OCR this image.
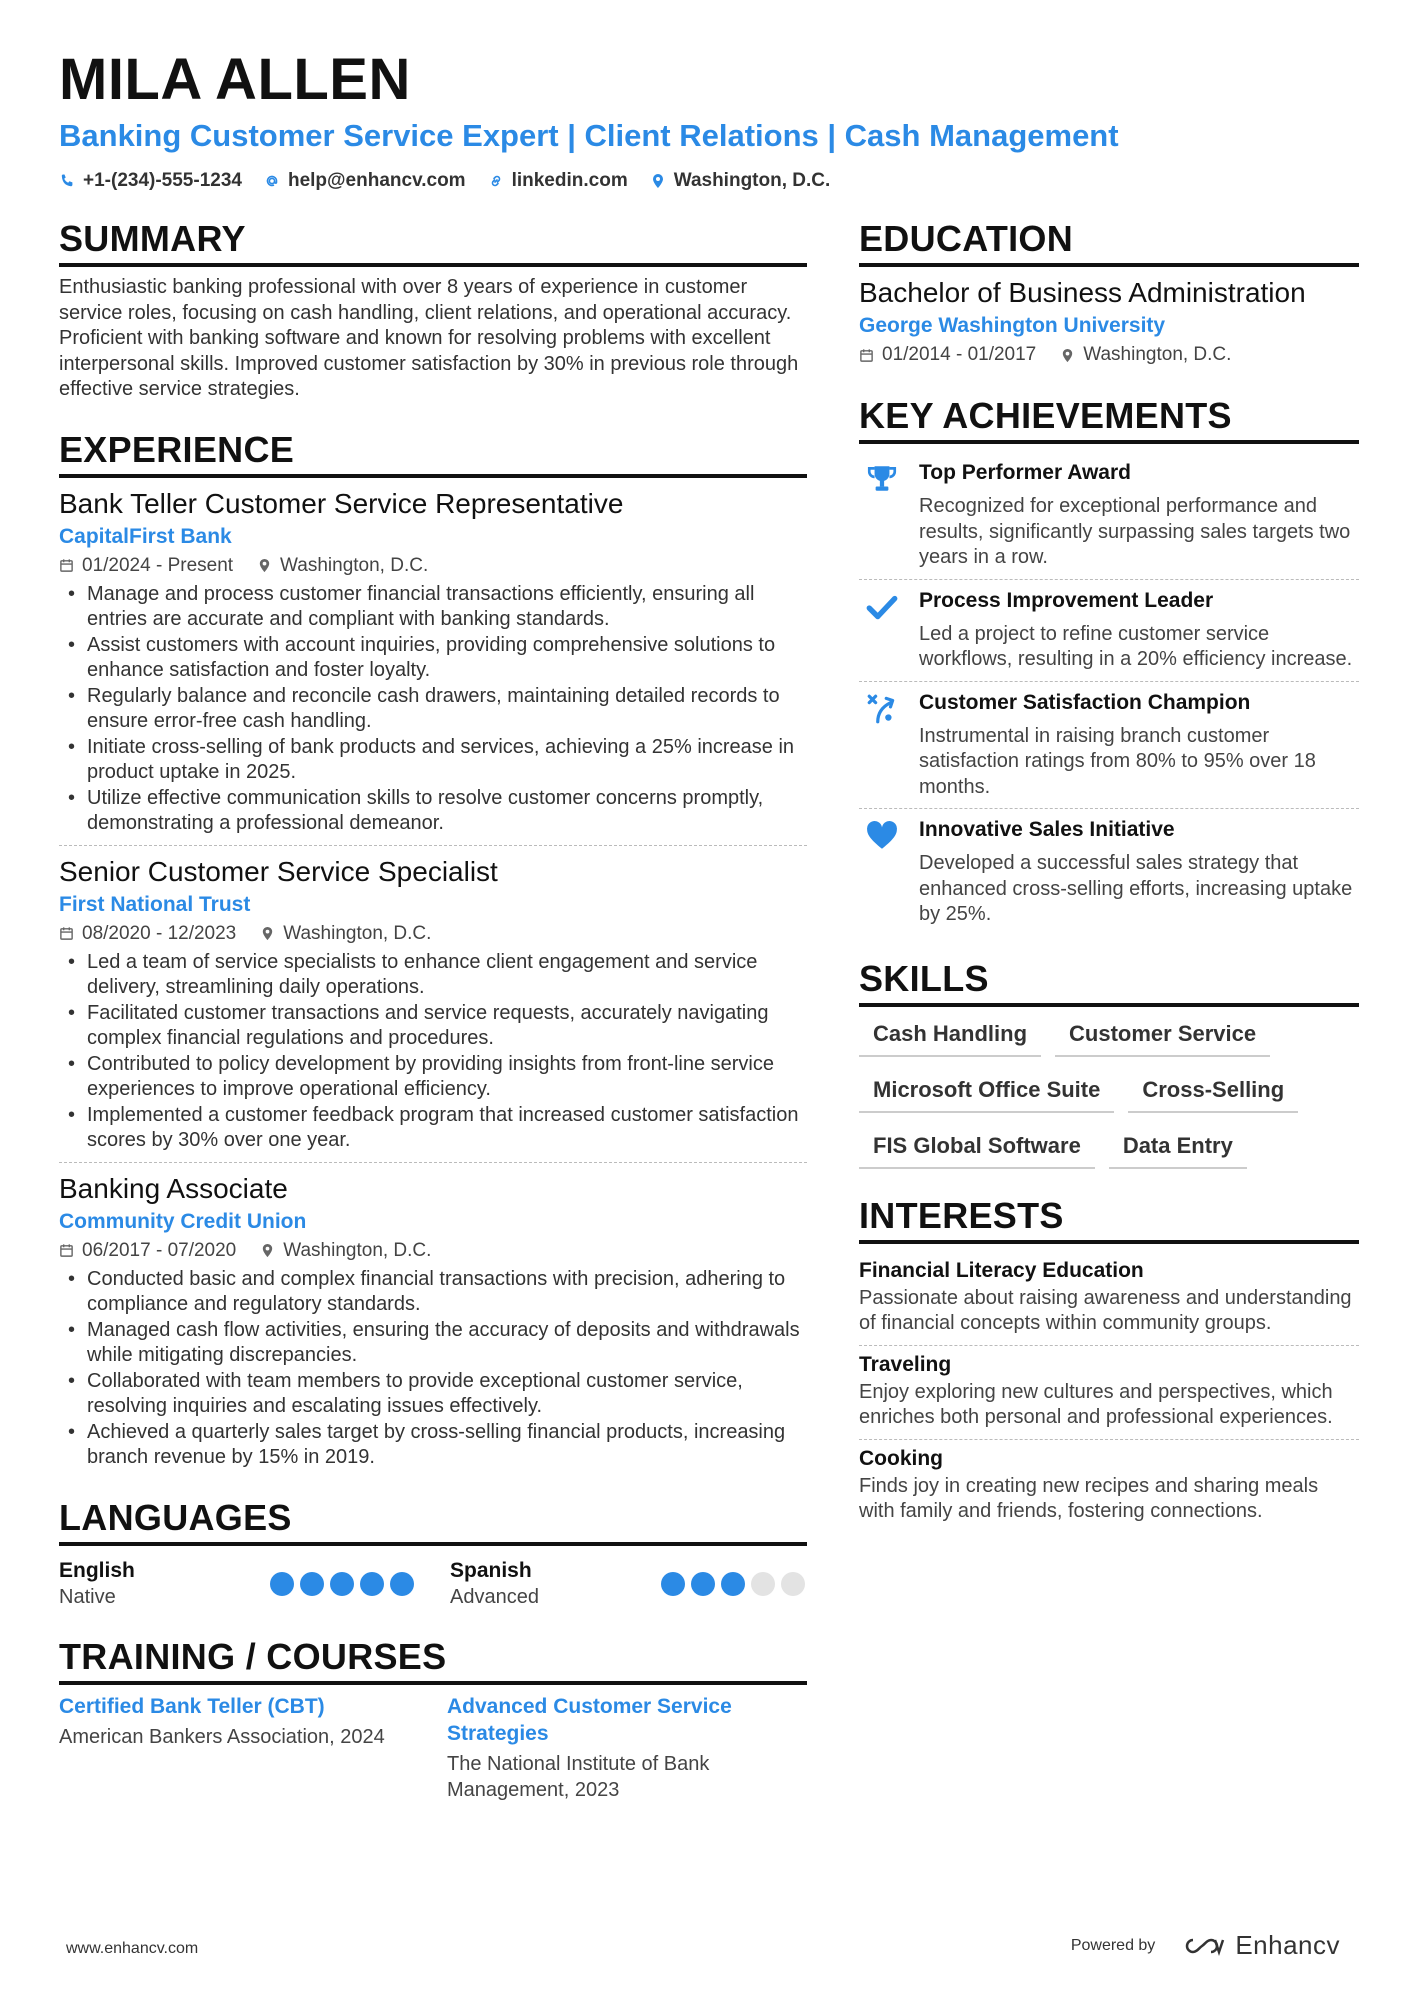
MILA ALLEN
Banking Customer Service Expert | Client Relations | Cash Management
+1-(234)-555-1234 help@enhancv.com linkedin.com Washington, D.C.
SUMMARY
Enthusiastic banking professional with over 8 years of experience in customer service roles, focusing on cash handling, client relations, and operational accuracy. Proficient with banking software and known for resolving problems with excellent interpersonal skills. Improved customer satisfaction by 30% in previous role through effective service strategies.
EXPERIENCE
Bank Teller Customer Service Representative
CapitalFirst Bank
01/2024 - Present Washington, D.C.
• Manage and process customer financial transactions efficiently, ensuring all entries are accurate and compliant with banking standards.
• Assist customers with account inquiries, providing comprehensive solutions to enhance satisfaction and foster loyalty.
• Regularly balance and reconcile cash drawers, maintaining detailed records to ensure error-free cash handling.
• Initiate cross-selling of bank products and services, achieving a 25% increase in product uptake in 2025.
• Utilize effective communication skills to resolve customer concerns promptly, demonstrating a professional demeanor.
Senior Customer Service Specialist
First National Trust
08/2020 - 12/2023 Washington, D.C.
• Led a team of service specialists to enhance client engagement and service delivery, streamlining daily operations.
• Facilitated customer transactions and service requests, accurately navigating complex financial regulations and procedures.
• Contributed to policy development by providing insights from front-line service experiences to improve operational efficiency.
• Implemented a customer feedback program that increased customer satisfaction scores by 30% over one year.
Banking Associate
Community Credit Union
06/2017 - 07/2020 Washington, D.C.
• Conducted basic and complex financial transactions with precision, adhering to compliance and regulatory standards.
• Managed cash flow activities, ensuring the accuracy of deposits and withdrawals while mitigating discrepancies.
• Collaborated with team members to provide exceptional customer service, resolving inquiries and escalating issues effectively.
• Achieved a quarterly sales target by cross-selling financial products, increasing branch revenue by 15% in 2019.
LANGUAGES
English
Native
Spanish
Advanced
TRAINING / COURSES
Certified Bank Teller (CBT)
American Bankers Association, 2024
Advanced Customer Service Strategies
The National Institute of Bank Management, 2023
EDUCATION
Bachelor of Business Administration
George Washington University
01/2014 - 01/2017 Washington, D.C.
KEY ACHIEVEMENTS
Top Performer Award
Recognized for exceptional performance and results, significantly surpassing sales targets two years in a row.
Process Improvement Leader
Led a project to refine customer service workflows, resulting in a 20% efficiency increase.
Customer Satisfaction Champion
Instrumental in raising branch customer satisfaction ratings from 80% to 95% over 18 months.
Innovative Sales Initiative
Developed a successful sales strategy that enhanced cross-selling efforts, increasing uptake by 25%.
SKILLS
Cash Handling	Customer Service
Microsoft Office Suite	Cross-Selling
FIS Global Software	Data Entry
INTERESTS
Financial Literacy Education
Passionate about raising awareness and understanding of financial concepts within community groups.
Traveling
Enjoy exploring new cultures and perspectives, which enriches both personal and professional experiences.
Cooking
Finds joy in creating new recipes and sharing meals with family and friends, fostering connections.
www.enhancv.com	Powered by	Enhancv
